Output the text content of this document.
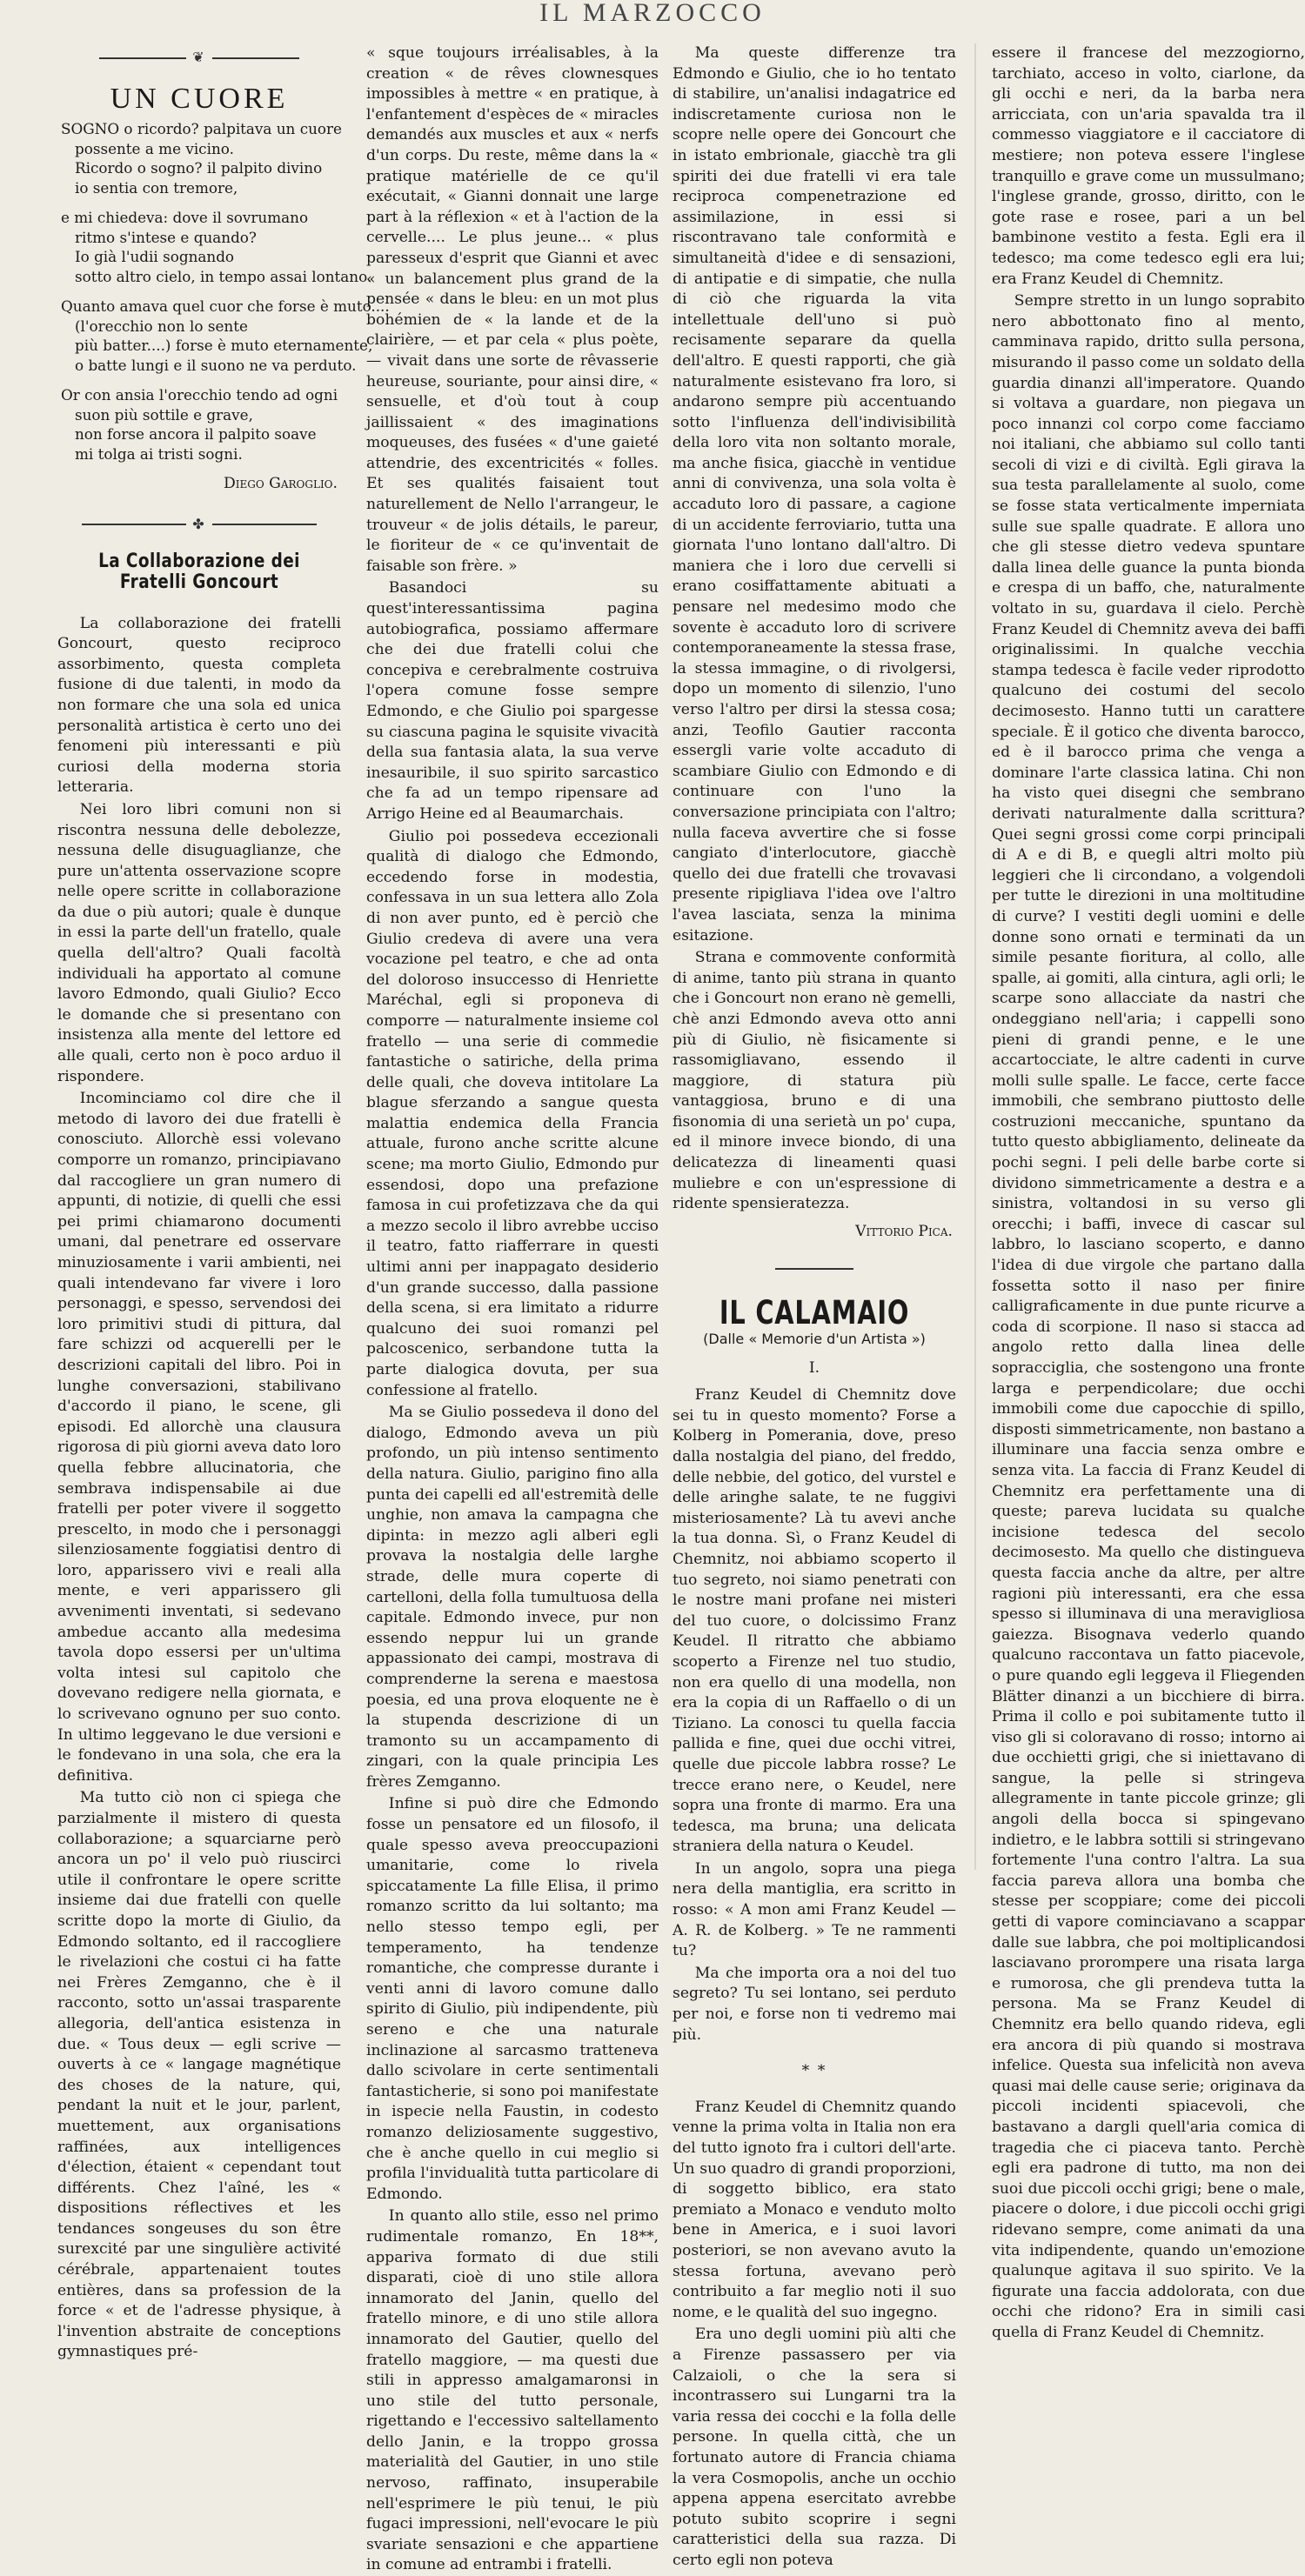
IL MARZOCCO
❦
UN CUORE
SOGNO o ricordo? palpitava un cuore
possente a me vicino.
Ricordo o sogno? il palpito divino
io sentia con tremore,
e mi chiedeva: dove il sovrumano
ritmo s'intese e quando?
Io già l'udii sognando
sotto altro cielo, in tempo assai lontano.
Quanto amava quel cuor che forse è muto....
(l'orecchio non lo sente
più batter....) forse è muto eternamente,
o batte lungi e il suono ne va perduto.
Or con ansia l'orecchio tendo ad ogni
suon più sottile e grave,
non forse ancora il palpito soave
mi tolga ai tristi sogni.
Diego Garoglio.
✤
La Collaborazione dei Fratelli Goncourt

La collaborazione dei fratelli Goncourt, questo reciproco assorbimento, questa completa fusione di due talenti, in modo da non formare che una sola ed unica personalità artistica è certo uno dei fenomeni più interessanti e più curiosi della moderna storia letteraria.

Nei loro libri comuni non si riscontra nessuna delle debolezze, nessuna delle disuguaglianze, che pure un'attenta osservazione scopre nelle opere scritte in collaborazione da due o più autori; quale è dunque in essi la parte dell'un fratello, quale quella dell'altro? Quali facoltà individuali ha apportato al comune lavoro Edmondo, quali Giulio? Ecco le domande che si presentano con insistenza alla mente del lettore ed alle quali, certo non è poco arduo il rispondere.

Incominciamo col dire che il metodo di lavoro dei due fratelli è conosciuto. Allorchè essi volevano comporre un romanzo, principiavano dal raccogliere un gran numero di appunti, di notizie, di quelli che essi pei primi chiamarono documenti umani, dal penetrare ed osservare minuziosamente i varii ambienti, nei quali intendevano far vivere i loro personaggi, e spesso, servendosi dei loro primitivi studi di pittura, dal fare schizzi od acquerelli per le descrizioni capitali del libro. Poi in lunghe conversazioni, stabilivano d'accordo il piano, le scene, gli episodi. Ed allorchè una clausura rigorosa di più giorni aveva dato loro quella febbre allucinatoria, che sembrava indispensabile ai due fratelli per poter vivere il soggetto prescelto, in modo che i personaggi silenziosamente foggiatisi dentro di loro, apparissero vivi e reali alla mente, e veri apparissero gli avvenimenti inventati, si sedevano ambedue accanto alla medesima tavola dopo essersi per un'ultima volta intesi sul capitolo che dovevano redigere nella giornata, e lo scrivevano ognuno per suo conto. In ultimo leggevano le due versioni e le fondevano in una sola, che era la definitiva.

Ma tutto ciò non ci spiega che parzialmente il mistero di questa collaborazione; a squarciarne però ancora un po' il velo può riuscirci utile il confrontare le opere scritte insieme dai due fratelli con quelle scritte dopo la morte di Giulio, da Edmondo soltanto, ed il raccogliere le rivelazioni che costui ci ha fatte nei Frères Zemganno, che è il racconto, sotto un'assai trasparente allegoria, dell'antica esistenza in due. « Tous deux — egli scrive — ouverts à ce « langage magnétique des choses de la nature, qui, pendant la nuit et le jour, parlent, muettement, aux organisations raffinées, aux intelligences d'élection, étaient « cependant tout différents. Chez l'aîné, les « dispositions réflectives et les tendances songeuses du son être surexcité par une singulière activité cérébrale, appartenaient toutes entières, dans sa profession de la force « et de l'adresse physique, à l'invention abstraite de conceptions gymnastiques pré-

« sque toujours irréalisables, à la creation « de rêves clownesques impossibles à mettre « en pratique, à l'enfantement d'espèces de « miracles demandés aux muscles et aux « nerfs d'un corps. Du reste, même dans la « pratique matérielle de ce qu'il exécutait, « Gianni donnait une large part à la réflexion « et à l'action de la cervelle.... Le plus jeune... « plus paresseux d'esprit que Gianni et avec « un balancement plus grand de la pensée « dans le bleu: en un mot plus bohémien de « la lande et de la clairière, — et par cela « plus poète, — vivait dans une sorte de rêvasserie heureuse, souriante, pour ainsi dire, « sensuelle, et d'où tout à coup jaillissaient « des imaginations moqueuses, des fusées « d'une gaieté attendrie, des excentricités « folles. Et ses qualités faisaient tout naturellement de Nello l'arrangeur, le trouveur « de jolis détails, le pareur, le fioriteur de « ce qu'inventait de faisable son frère. »

Basandoci su quest'interessantissima pagina autobiografica, possiamo affermare che dei due fratelli colui che concepiva e cerebralmente costruiva l'opera comune fosse sempre Edmondo, e che Giulio poi spargesse su ciascuna pagina le squisite vivacità della sua fantasia alata, la sua verve inesauribile, il suo spirito sarcastico che fa ad un tempo ripensare ad Arrigo Heine ed al Beaumarchais.

Giulio poi possedeva eccezionali qualità di dialogo che Edmondo, eccedendo forse in modestia, confessava in un sua lettera allo Zola di non aver punto, ed è perciò che Giulio credeva di avere una vera vocazione pel teatro, e che ad onta del doloroso insuccesso di Henriette Maréchal, egli si proponeva di comporre — naturalmente insieme col fratello — una serie di commedie fantastiche o satiriche, della prima delle quali, che doveva intitolare La blague sferzando a sangue questa malattia endemica della Francia attuale, furono anche scritte alcune scene; ma morto Giulio, Edmondo pur essendosi, dopo una prefazione famosa in cui profetizzava che da qui a mezzo secolo il libro avrebbe ucciso il teatro, fatto riafferrare in questi ultimi anni per inappagato desiderio d'un grande successo, dalla passione della scena, si era limitato a ridurre qualcuno dei suoi romanzi pel palcoscenico, serbandone tutta la parte dialogica dovuta, per sua confessione al fratello.

Ma se Giulio possedeva il dono del dialogo, Edmondo aveva un più profondo, un più intenso sentimento della natura. Giulio, parigino fino alla punta dei capelli ed all'estremità delle unghie, non amava la campagna che dipinta: in mezzo agli alberi egli provava la nostalgia delle larghe strade, delle mura coperte di cartelloni, della folla tumultuosa della capitale. Edmondo invece, pur non essendo neppur lui un grande appassionato dei campi, mostrava di comprenderne la serena e maestosa poesia, ed una prova eloquente ne è la stupenda descrizione di un tramonto su un accampamento di zingari, con la quale principia Les frères Zemganno.

Infine si può dire che Edmondo fosse un pensatore ed un filosofo, il quale spesso aveva preoccupazioni umanitarie, come lo rivela spiccatamente La fille Elisa, il primo romanzo scritto da lui soltanto; ma nello stesso tempo egli, per temperamento, ha tendenze romantiche, che compresse durante i venti anni di lavoro comune dallo spirito di Giulio, più indipendente, più sereno e che una naturale inclinazione al sarcasmo tratteneva dallo scivolare in certe sentimentali fantasticherie, si sono poi manifestate in ispecie nella Faustin, in codesto romanzo deliziosamente suggestivo, che è anche quello in cui meglio si profila l'invidualità tutta particolare di Edmondo.

In quanto allo stile, esso nel primo rudimentale romanzo, En 18**, appariva formato di due stili disparati, cioè di uno stile allora innamorato del Janin, quello del fratello minore, e di uno stile allora innamorato del Gautier, quello del fratello maggiore, — ma questi due stili in appresso amalgamaronsi in uno stile del tutto personale, rigettando e l'eccessivo saltellamento dello Janin, e la troppo grossa materialità del Gautier, in uno stile nervoso, raffinato, insuperabile nell'esprimere le più tenui, le più fugaci impressioni, nell'evocare le più svariate sensazioni e che appartiene in comune ad entrambi i fratelli.

Ma queste differenze tra Edmondo e Giulio, che io ho tentato di stabilire, un'analisi indagatrice ed indiscretamente curiosa non le scopre nelle opere dei Goncourt che in istato embrionale, giacchè tra gli spiriti dei due fratelli vi era tale reciproca compenetrazione ed assimilazione, in essi si riscontravano tale conformità e simultaneità d'idee e di sensazioni, di antipatie e di simpatie, che nulla di ciò che riguarda la vita intellettuale dell'uno si può recisamente separare da quella dell'altro. E questi rapporti, che già naturalmente esistevano fra loro, si andarono sempre più accentuando sotto l'influenza dell'indivisibilità della loro vita non soltanto morale, ma anche fisica, giacchè in ventidue anni di convivenza, una sola volta è accaduto loro di passare, a cagione di un accidente ferroviario, tutta una giornata l'uno lontano dall'altro. Di maniera che i loro due cervelli si erano cosiffattamente abituati a pensare nel medesimo modo che sovente è accaduto loro di scrivere contemporaneamente la stessa frase, la stessa immagine, o di rivolgersi, dopo un momento di silenzio, l'uno verso l'altro per dirsi la stessa cosa; anzi, Teofilo Gautier racconta essergli varie volte accaduto di scambiare Giulio con Edmondo e di continuare con l'uno la conversazione principiata con l'altro; nulla faceva avvertire che si fosse cangiato d'interlocutore, giacchè quello dei due fratelli che trovavasi presente ripigliava l'idea ove l'altro l'avea lasciata, senza la minima esitazione.

Strana e commovente conformità di anime, tanto più strana in quanto che i Goncourt non erano nè gemelli, chè anzi Edmondo aveva otto anni più di Giulio, nè fisicamente si rassomigliavano, essendo il maggiore, di statura più vantaggiosa, bruno e di una fisonomia di una serietà un po' cupa, ed il minore invece biondo, di una delicatezza di lineamenti quasi muliebre e con un'espressione di ridente spensieratezza.

Vittorio Pica.
IL CALAMAIO
(Dalle « Memorie d'un Artista »)
I.

Franz Keudel di Chemnitz dove sei tu in questo momento? Forse a Kolberg in Pomerania, dove, preso dalla nostalgia del piano, del freddo, delle nebbie, del gotico, del vurstel e delle aringhe salate, te ne fuggivi misteriosamente? Là tu avevi anche la tua donna. Sì, o Franz Keudel di Chemnitz, noi abbiamo scoperto il tuo segreto, noi siamo penetrati con le nostre mani profane nei misteri del tuo cuore, o dolcissimo Franz Keudel. Il ritratto che abbiamo scoperto a Firenze nel tuo studio, non era quello di una modella, non era la copia di un Raffaello o di un Tiziano. La conosci tu quella faccia pallida e fine, quei due occhi vitrei, quelle due piccole labbra rosse? Le trecce erano nere, o Keudel, nere sopra una fronte di marmo. Era una tedesca, ma bruna; una delicata straniera della natura o Keudel.

In un angolo, sopra una piega nera della mantiglia, era scritto in rosso: « A mon ami Franz Keudel — A. R. de Kolberg. » Te ne rammenti tu?

Ma che importa ora a noi del tuo segreto? Tu sei lontano, sei perduto per noi, e forse non ti vedremo mai più.

* *

Franz Keudel di Chemnitz quando venne la prima volta in Italia non era del tutto ignoto fra i cultori dell'arte. Un suo quadro di grandi proporzioni, di soggetto biblico, era stato premiato a Monaco e venduto molto bene in America, e i suoi lavori posteriori, se non avevano avuto la stessa fortuna, avevano però contribuito a far meglio noti il suo nome, e le qualità del suo ingegno.

Era uno degli uomini più alti che a Firenze passassero per via Calzaioli, o che la sera si incontrassero sui Lungarni tra la varia ressa dei cocchi e la folla delle persone. In quella città, che un fortunato autore di Francia chiama la vera Cosmopolis, anche un occhio appena appena esercitato avrebbe potuto subito scoprire i segni caratteristici della sua razza. Di certo egli non poteva

essere il francese del mezzogiorno, tarchiato, acceso in volto, ciarlone, da gli occhi e neri, da la barba nera arricciata, con un'aria spavalda tra il commesso viaggiatore e il cacciatore di mestiere; non poteva essere l'inglese tranquillo e grave come un mussulmano; l'inglese grande, grosso, diritto, con le gote rase e rosee, pari a un bel bambinone vestito a festa. Egli era il tedesco; ma come tedesco egli era lui; era Franz Keudel di Chemnitz.

Sempre stretto in un lungo soprabito nero abbottonato fino al mento, camminava rapido, dritto sulla persona, misurando il passo come un soldato della guardia dinanzi all'imperatore. Quando si voltava a guardare, non piegava un poco innanzi col corpo come facciamo noi italiani, che abbiamo sul collo tanti secoli di vizi e di civiltà. Egli girava la sua testa parallelamente al suolo, come se fosse stata verticalmente imperniata sulle sue spalle quadrate. E allora uno che gli stesse dietro vedeva spuntare dalla linea delle guance la punta bionda e crespa di un baffo, che, naturalmente voltato in su, guardava il cielo. Perchè Franz Keudel di Chemnitz aveva dei baffi originalissimi. In qualche vecchia stampa tedesca è facile veder riprodotto qualcuno dei costumi del secolo decimosesto. Hanno tutti un carattere speciale. È il gotico che diventa barocco, ed è il barocco prima che venga a dominare l'arte classica latina. Chi non ha visto quei disegni che sembrano derivati naturalmente dalla scrittura? Quei segni grossi come corpi principali di A e di B, e quegli altri molto più leggieri che li circondano, a volgendoli per tutte le direzioni in una moltitudine di curve? I vestiti degli uomini e delle donne sono ornati e terminati da un simile pesante fioritura, al collo, alle spalle, ai gomiti, alla cintura, agli orli; le scarpe sono allacciate da nastri che ondeggiano nell'aria; i cappelli sono pieni di grandi penne, e le une accartocciate, le altre cadenti in curve molli sulle spalle. Le facce, certe facce immobili, che sembrano piuttosto delle costruzioni meccaniche, spuntano da tutto questo abbigliamento, delineate da pochi segni. I peli delle barbe corte si dividono simmetricamente a destra e a sinistra, voltandosi in su verso gli orecchi; i baffi, invece di cascar sul labbro, lo lasciano scoperto, e danno l'idea di due virgole che partano dalla fossetta sotto il naso per finire calligraficamente in due punte ricurve a coda di scorpione. Il naso si stacca ad angolo retto dalla linea delle sopracciglia, che sostengono una fronte larga e perpendicolare; due occhi immobili come due capocchie di spillo, disposti simmetricamente, non bastano a illuminare una faccia senza ombre e senza vita. La faccia di Franz Keudel di Chemnitz era perfettamente una di queste; pareva lucidata su qualche incisione tedesca del secolo decimosesto. Ma quello che distingueva questa faccia anche da altre, per altre ragioni più interessanti, era che essa spesso si illuminava di una meravigliosa gaiezza. Bisognava vederlo quando qualcuno raccontava un fatto piacevole, o pure quando egli leggeva il Fliegenden Blätter dinanzi a un bicchiere di birra. Prima il collo e poi subitamente tutto il viso gli si coloravano di rosso; intorno ai due occhietti grigi, che si iniettavano di sangue, la pelle si stringeva allegramente in tante piccole grinze; gli angoli della bocca si spingevano indietro, e le labbra sottili si stringevano fortemente l'una contro l'altra. La sua faccia pareva allora una bomba che stesse per scoppiare; come dei piccoli getti di vapore cominciavano a scappar dalle sue labbra, che poi moltiplicandosi lasciavano prorompere una risata larga e rumorosa, che gli prendeva tutta la persona. Ma se Franz Keudel di Chemnitz era bello quando rideva, egli era ancora di più quando si mostrava infelice. Questa sua infelicità non aveva quasi mai delle cause serie; originava da piccoli incidenti spiacevoli, che bastavano a dargli quell'aria comica di tragedia che ci piaceva tanto. Perchè egli era padrone di tutto, ma non dei suoi due piccoli occhi grigi; bene o male, piacere o dolore, i due piccoli occhi grigi ridevano sempre, come animati da una vita indipendente, quando un'emozione qualunque agitava il suo spirito. Ve la figurate una faccia addolorata, con due occhi che ridono? Era in simili casi quella di Franz Keudel di Chemnitz.
